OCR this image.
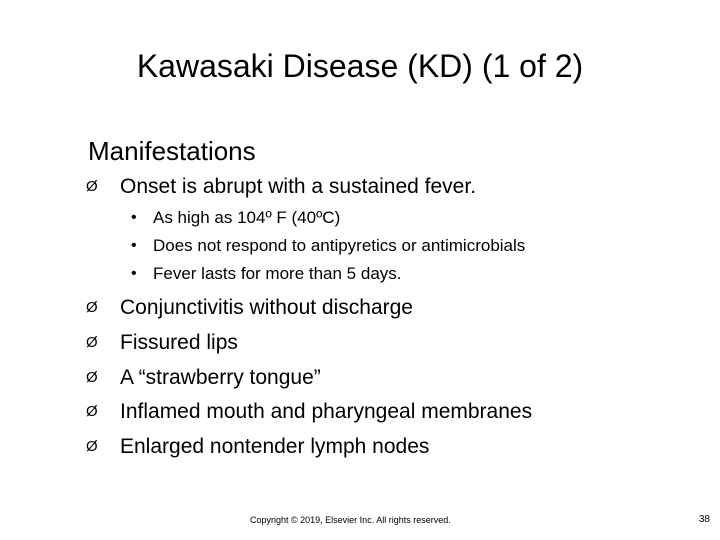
Kawasaki Disease (KD) (1 of 2)
Manifestations
Ø	Onset is abrupt with a sustained fever.
• As high as 104º F (40ºC)
• Does not respond to antipyretics or antimicrobials
• Fever lasts for more than 5 days.
Ø	Conjunctivitis without discharge
Ø	Fissured lips
Ø	A “strawberry tongue”
Ø	Inflamed mouth and pharyngeal membranes
Ø	Enlarged nontender lymph nodes
Copyright © 2019, Elsevier Inc. All rights reserved.	38
